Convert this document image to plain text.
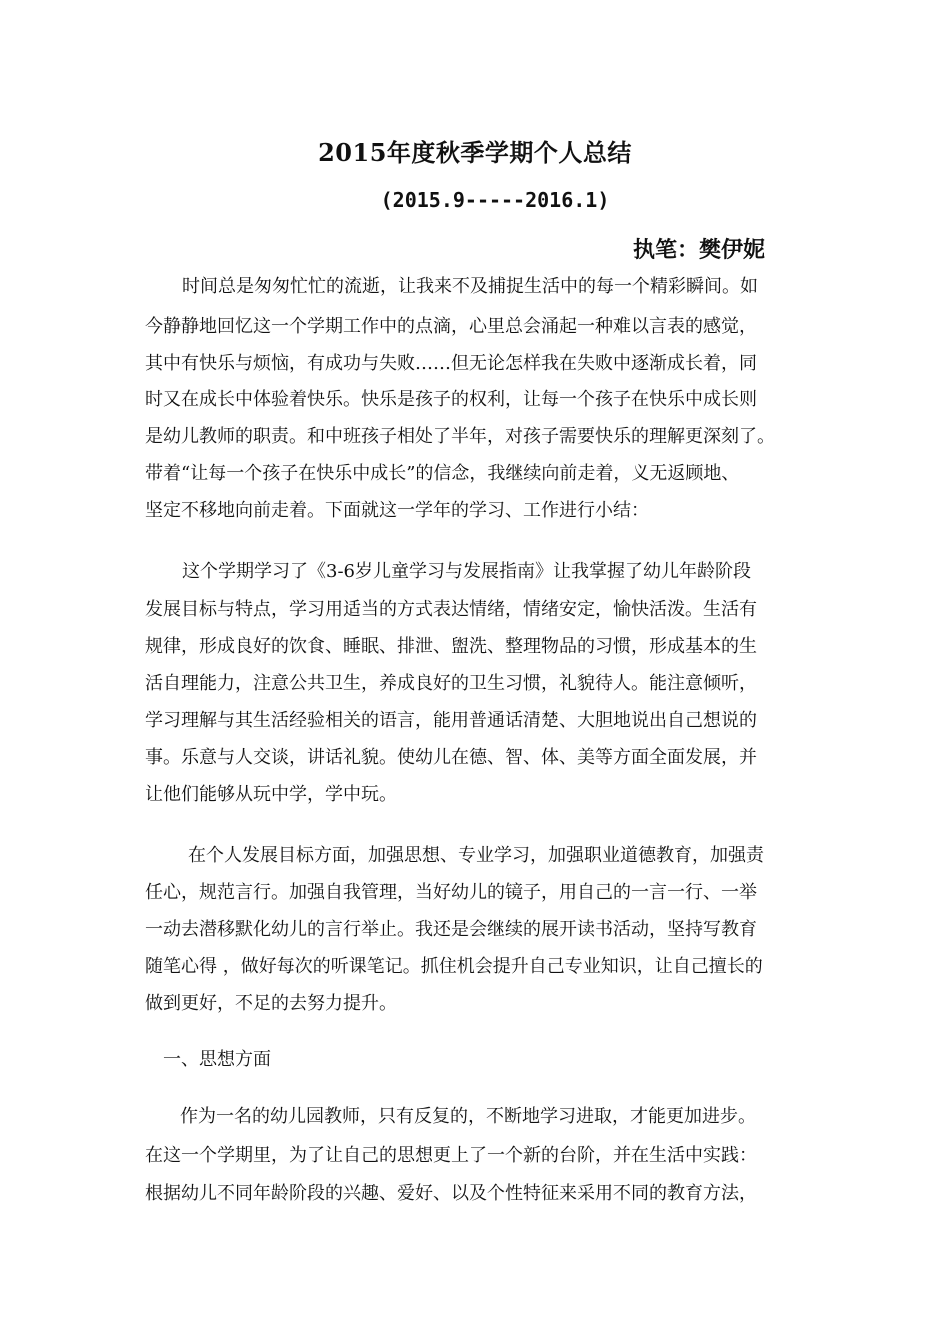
2015年度秋季学期个人总结
(2015.9-----2016.1)
执笔：樊伊妮
时间总是匆匆忙忙的流逝，让我来不及捕捉生活中的每一个精彩瞬间。如
今静静地回忆这一个学期工作中的点滴，心里总会涌起一种难以言表的感觉，
其中有快乐与烦恼，有成功与失败……但无论怎样我在失败中逐渐成长着，同
时又在成长中体验着快乐。快乐是孩子的权利，让每一个孩子在快乐中成长则
是幼儿教师的职责。和中班孩子相处了半年，对孩子需要快乐的理解更深刻了。
带着“让每一个孩子在快乐中成长”的信念，我继续向前走着，义无返顾地、
坚定不移地向前走着。下面就这一学年的学习、工作进行小结：
这个学期学习了《3-6岁儿童学习与发展指南》让我掌握了幼儿年龄阶段
发展目标与特点，学习用适当的方式表达情绪，情绪安定，愉快活泼。生活有
规律，形成良好的饮食、睡眠、排泄、盥洗、整理物品的习惯，形成基本的生
活自理能力，注意公共卫生，养成良好的卫生习惯，礼貌待人。能注意倾听，
学习理解与其生活经验相关的语言，能用普通话清楚、大胆地说出自己想说的
事。乐意与人交谈，讲话礼貌。使幼儿在德、智、体、美等方面全面发展，并
让他们能够从玩中学，学中玩。
在个人发展目标方面，加强思想、专业学习，加强职业道德教育，加强责
任心，规范言行。加强自我管理，当好幼儿的镜子，用自己的一言一行、一举
一动去潜移默化幼儿的言行举止。我还是会继续的展开读书活动，坚持写教育
随笔心得 ，做好每次的听课笔记。抓住机会提升自己专业知识，让自己擅长的
做到更好，不足的去努力提升。
一、思想方面
作为一名的幼儿园教师，只有反复的，不断地学习进取，才能更加进步。
在这一个学期里，为了让自己的思想更上了一个新的台阶，并在生活中实践：
根据幼儿不同年龄阶段的兴趣、爱好、以及个性特征来采用不同的教育方法，
